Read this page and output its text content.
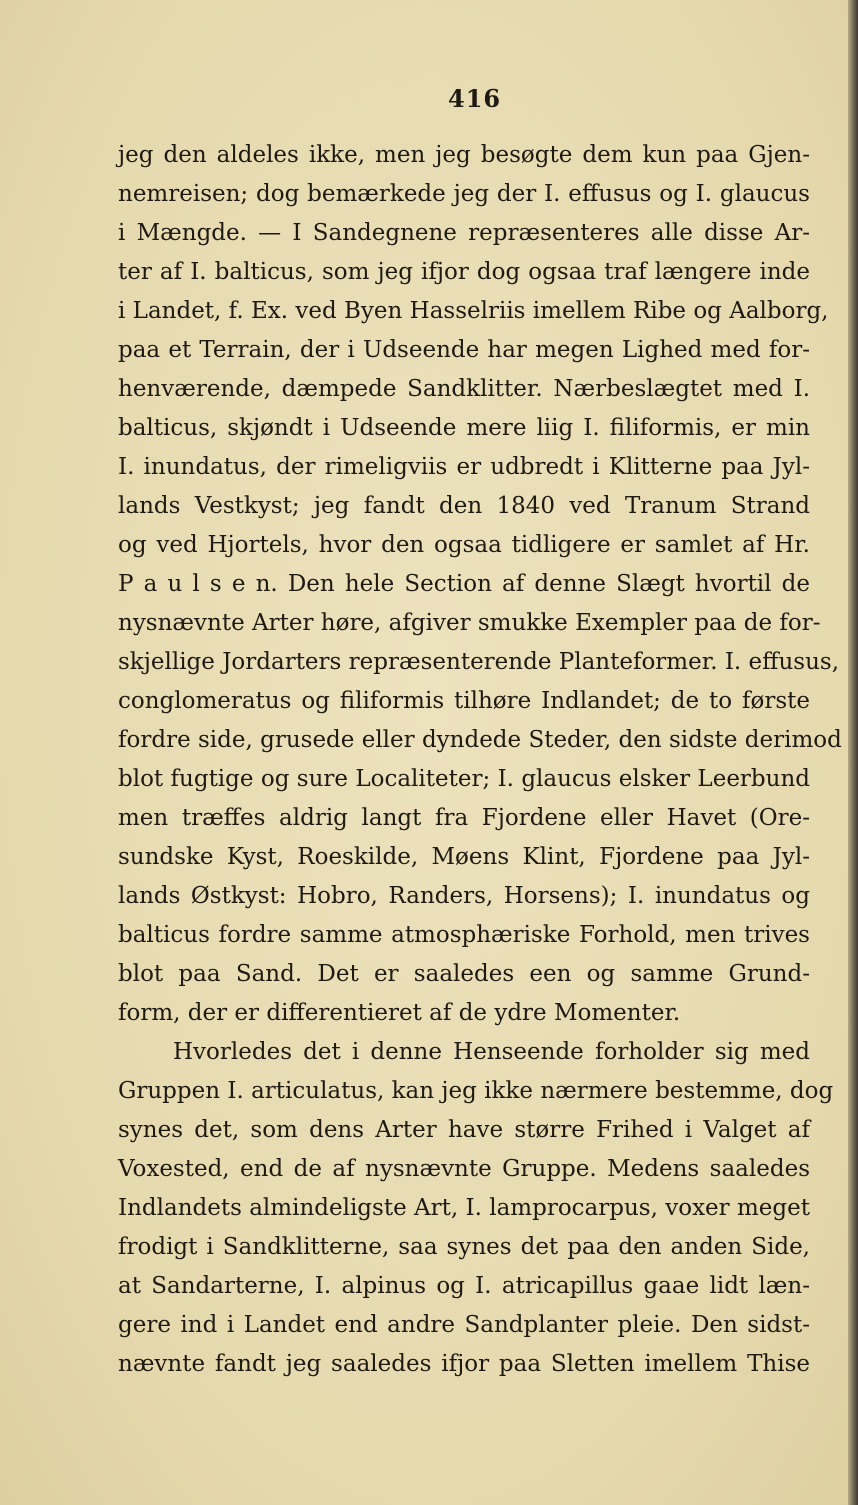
416
jeg den aldeles ikke, men jeg besøgte dem kun paa Gjen-
nemreisen; dog bemærkede jeg der I. effusus og I. glaucus
i Mængde. — I Sandegnene repræsenteres alle disse Ar-
ter af I. balticus, som jeg ifjor dog ogsaa traf længere inde
i Landet, f. Ex. ved Byen Hasselriis imellem Ribe og Aalborg,
paa et Terrain, der i Udseende har megen Lighed med for-
henværende, dæmpede Sandklitter. Nærbeslægtet med I.
balticus, skjøndt i Udseende mere liig I. filiformis, er min
I. inundatus, der rimeligviis er udbredt i Klitterne paa Jyl-
lands Vestkyst; jeg fandt den 1840 ved Tranum Strand
og ved Hjortels, hvor den ogsaa tidligere er samlet af Hr.
P a u l s e n. Den hele Section af denne Slægt hvortil de
nysnævnte Arter høre, afgiver smukke Exempler paa de for-
skjellige Jordarters repræsenterende Planteformer. I. effusus,
conglomeratus og filiformis tilhøre Indlandet; de to første
fordre side, grusede eller dyndede Steder, den sidste derimod
blot fugtige og sure Localiteter; I. glaucus elsker Leerbund
men træffes aldrig langt fra Fjordene eller Havet (Ore-
sundske Kyst, Roeskilde, Møens Klint, Fjordene paa Jyl-
lands Østkyst: Hobro, Randers, Horsens); I. inundatus og
balticus fordre samme atmosphæriske Forhold, men trives
blot paa Sand. Det er saaledes een og samme Grund-
form, der er differentieret af de ydre Momenter.
Hvorledes det i denne Henseende forholder sig med
Gruppen I. articulatus, kan jeg ikke nærmere bestemme, dog
synes det, som dens Arter have større Frihed i Valget af
Voxested, end de af nysnævnte Gruppe. Medens saaledes
Indlandets almindeligste Art, I. lamprocarpus, voxer meget
frodigt i Sandklitterne, saa synes det paa den anden Side,
at Sandarterne, I. alpinus og I. atricapillus gaae lidt læn-
gere ind i Landet end andre Sandplanter pleie. Den sidst-
nævnte fandt jeg saaledes ifjor paa Sletten imellem Thise
